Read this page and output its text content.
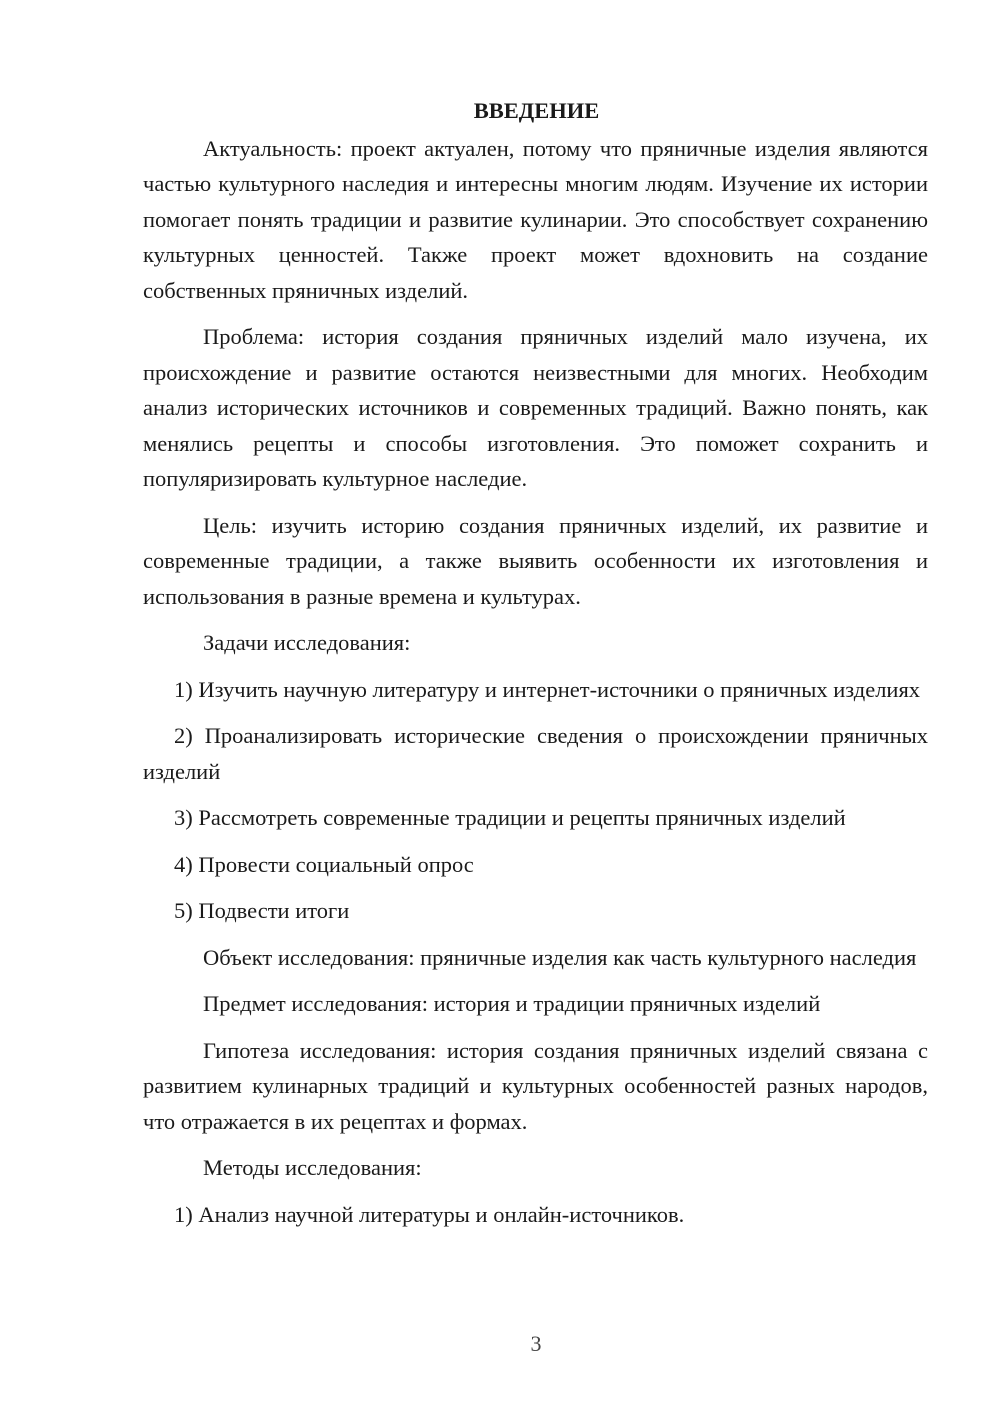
ВВЕДЕНИЕ

Актуальность: проект актуален, потому что пряничные изделия являются частью культурного наследия и интересны многим людям. Изучение их истории помогает понять традиции и развитие кулинарии. Это способствует сохранению культурных ценностей. Также проект может вдохновить на создание собственных пряничных изделий.

Проблема: история создания пряничных изделий мало изучена, их происхождение и развитие остаются неизвестными для многих. Необходим анализ исторических источников и современных традиций. Важно понять, как менялись рецепты и способы изготовления. Это поможет сохранить и популяризировать культурное наследие.

Цель: изучить историю создания пряничных изделий, их развитие и современные традиции, а также выявить особенности их изготовления и использования в разные времена и культурах.

Задачи исследования:

1) Изучить научную литературу и интернет-источники о пряничных изделиях

2) Проанализировать исторические сведения о происхождении пряничных изделий

3) Рассмотреть современные традиции и рецепты пряничных изделий

4) Провести социальный опрос

5) Подвести итоги

Объект исследования: пряничные изделия как часть культурного наследия

Предмет исследования: история и традиции пряничных изделий

Гипотеза исследования: история создания пряничных изделий связана с развитием кулинарных традиций и культурных особенностей разных народов, что отражается в их рецептах и формах.

Методы исследования:

1) Анализ научной литературы и онлайн-источников.

3
